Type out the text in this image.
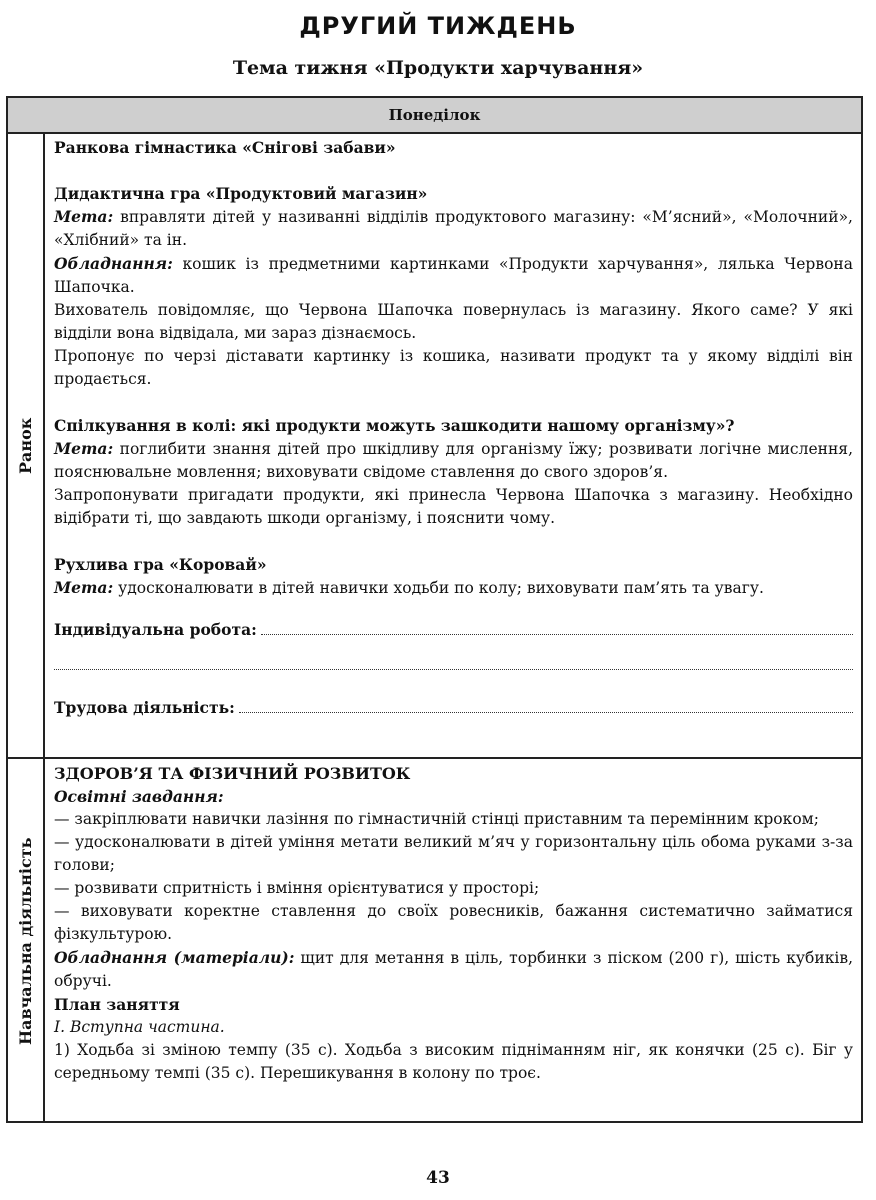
ДРУГИЙ ТИЖДЕНЬ
Тема тижня «Продукти харчування»
Понеділок
Ранок
Навчальна діяльність

Ранкова гімнастика «Снігові забави»

Дидактична гра «Продуктовий магазин»

Мета: вправляти дітей у називанні відділів продуктового магазину: «М’ясний», «Молочний», «Хлібний» та ін.

Обладнання: кошик із предметними картинками «Продукти харчування», лялька Червона Шапочка.

Вихователь повідомляє, що Червона Шапочка повернулась із магазину. Якого саме? У які відділи вона відвідала, ми зараз дізнаємось.

Пропонує по черзі діставати картинку із кошика, називати продукт та у якому відділі він продається.

Спілкування в колі: які продукти можуть зашкодити нашому організму»?

Мета: поглибити знання дітей про шкідливу для організму їжу; розвивати логічне мислення, пояснювальне мовлення; виховувати свідоме ставлення до свого здоров’я.

Запропонувати пригадати продукти, які принесла Червона Шапочка з магазину. Необхідно відібрати ті, що завдають шкоди організму, і пояснити чому.

Рухлива гра «Коровай»

Мета: удосконалювати в дітей навички ходьби по колу; виховувати пам’ять та увагу.

Індивідуальна робота:
Трудова діяльність:

ЗДОРОВ’Я ТА ФІЗИЧНИЙ РОЗВИТОК

Освітні завдання:

— закріплювати навички лазіння по гімнастичній стінці приставним та перемінним кроком;

— удосконалювати в дітей уміння метати великий м’яч у горизонтальну ціль обома руками з-за голови;

— розвивати спритність і вміння орієнтуватися у просторі;

— виховувати коректне ставлення до своїх ровесників, бажання систематично займатися фізкультурою.

Обладнання (матеріали): щит для метання в ціль, торбинки з піском (200 г), шість кубиків, обручі.

План заняття

I. Вступна частина.

1) Ходьба зі зміною темпу (35 с). Ходьба з високим підніманням ніг, як конячки (25 с). Біг у середньому темпі (35 с). Перешикування в колону по троє.

43
